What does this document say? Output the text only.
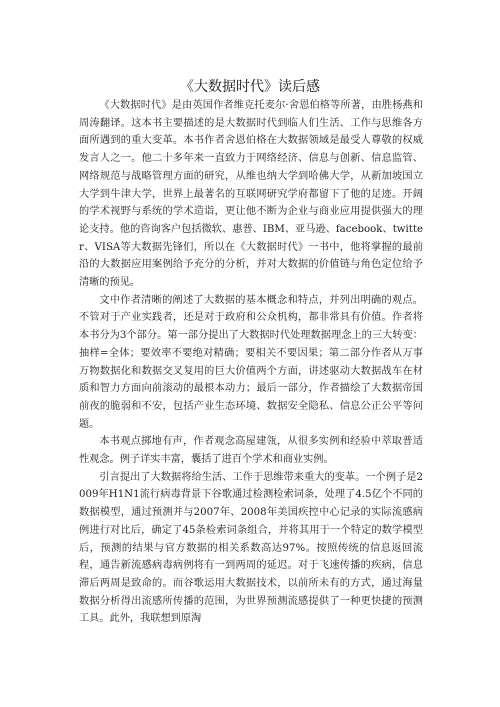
《大数据时代》读后感

《大数据时代》是由英国作者维克托麦尔·舍恩伯格等所著，由胜杨燕和周涛翻译。这本书主要描述的是大数据时代到临人们生活、工作与思维各方面所遇到的重大变革。本书作者舍恩伯格在大数据领域是最受人尊敬的权威发言人之一。他二十多年来一直致力于网络经济、信息与创新、信息监管、网络规范与战略管理方面的研究，从维也纳大学到哈佛大学，从新加坡国立大学到牛津大学，世界上最著名的互联网研究学府都留下了他的足迹。开阔的学术视野与系统的学术造诣，更让他不断为企业与商业应用提供强大的理论支持。他的咨询客户包括微软、惠普、IBM、亚马逊、facebook、twitter、VISA等大数据先锋们，所以在《大数据时代》一书中，他将掌握的最前沿的大数据应用案例给予充分的分析，并对大数据的价值链与角色定位给予清晰的预见。

文中作者清晰的阐述了大数据的基本概念和特点，并列出明确的观点。不管对于产业实践者，还是对于政府和公众机构，都非常具有价值。作者将本书分为3个部分。第一部分提出了大数据时代处理数据理念上的三大转变：抽样=全体；要效率不要绝对精确；要相关不要因果；第二部分作者从万事万物数据化和数据交叉复用的巨大价值两个方面，讲述驱动大数据战车在材质和智力方面向前滚动的最根本动力；最后一部分，作者描绘了大数据帝国前夜的脆弱和不安，包括产业生态环境、数据安全隐私、信息公正公平等问题。

本书观点掷地有声，作者观念高屋建瓴，从很多实例和经验中萃取普适性观念。例子详实丰富，囊括了进百个学术和商业实例。

引言提出了大数据将给生活、工作于思维带来重大的变革。一个例子是2009年H1N1流行病毒背景下谷歌通过检测检索词条，处理了4.5亿个不同的数据模型，通过预测并与2007年、2008年美国疾控中心记录的实际流感病例进行对比后，确定了45条检索词条组合，并将其用于一个特定的数学模型后，预测的结果与官方数据的相关系数高达97%。按照传统的信息返回流程，通告新流感病毒病例将有一到两周的延迟。对于飞速传播的疾病，信息滞后两周是致命的。而谷歌运用大数据技术，以前所未有的方式，通过海量数据分析得出流感所传播的范围，为世界预测流感提供了一种更快捷的预测工具。此外，我联想到原淘
